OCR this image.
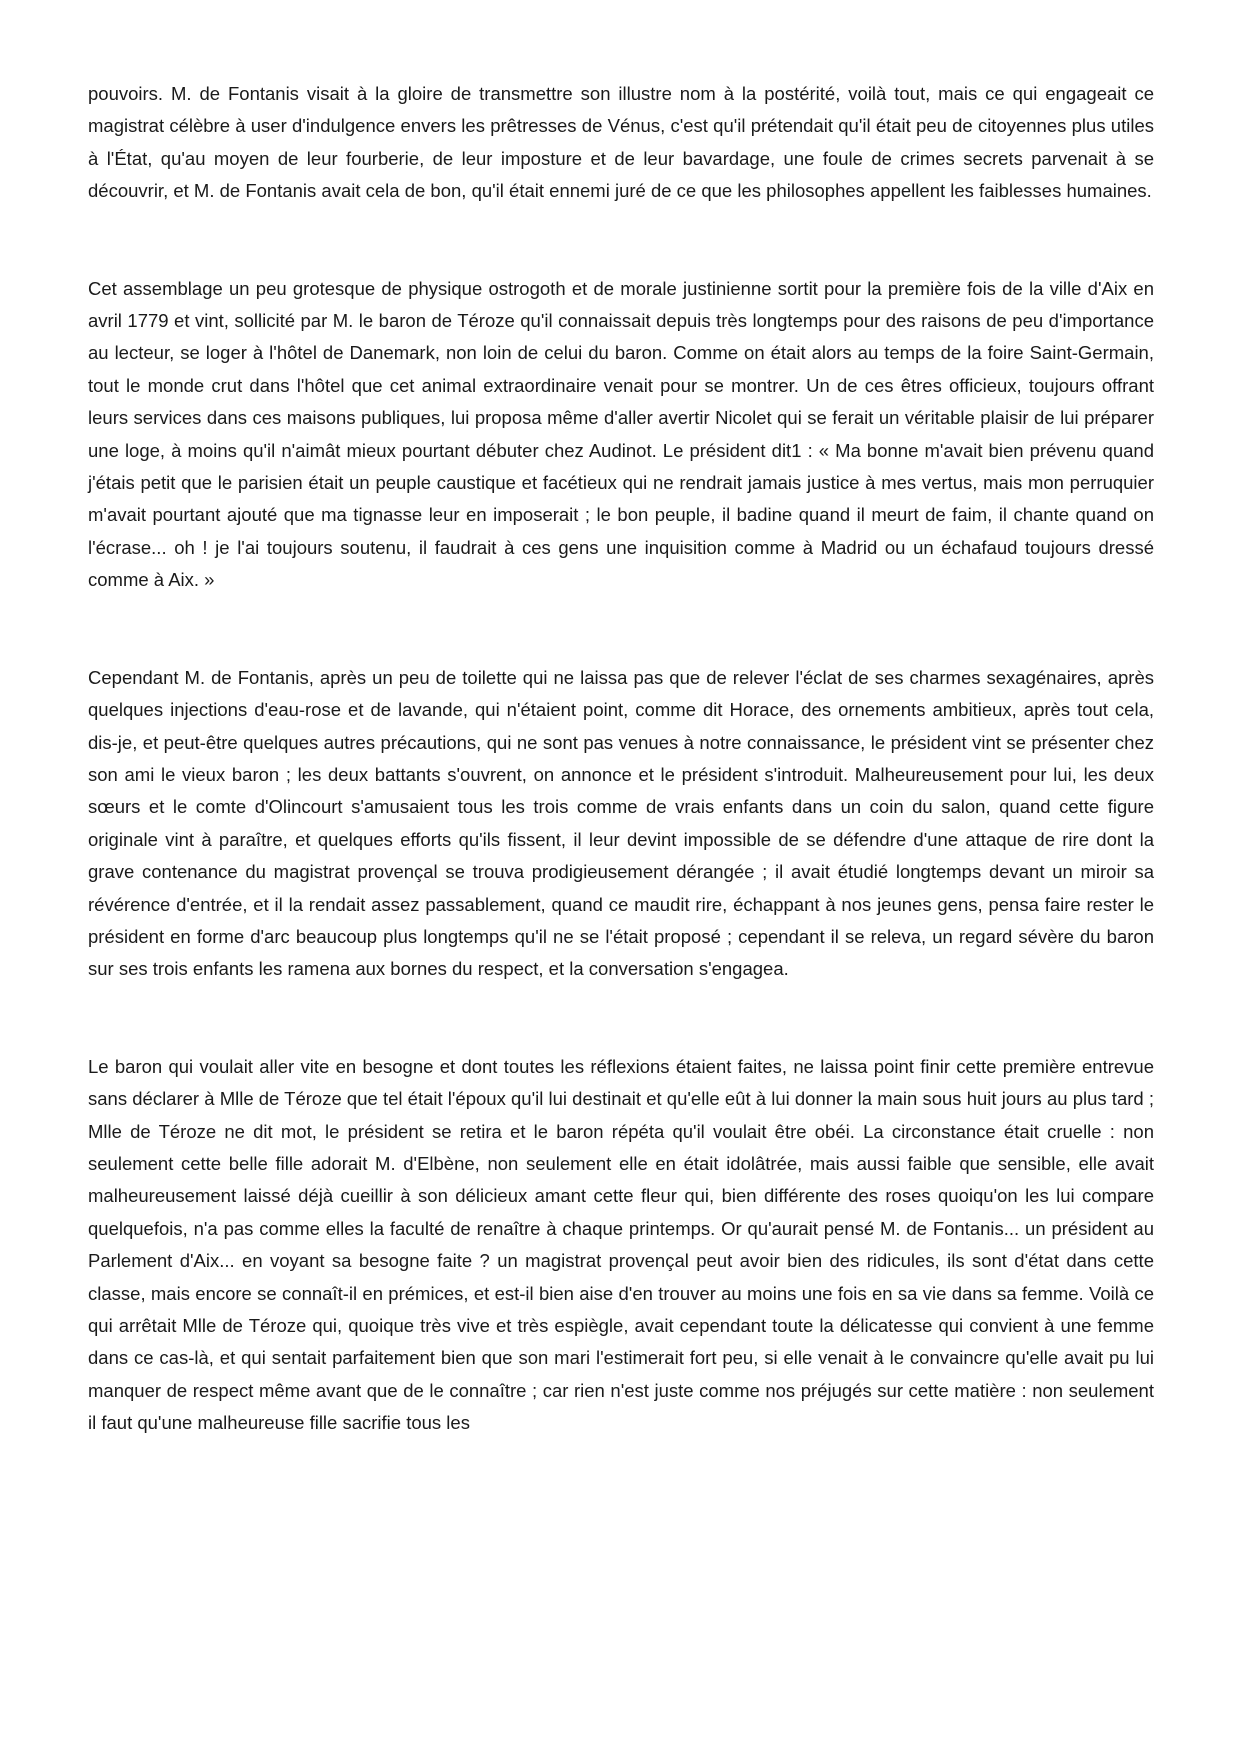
pouvoirs. M. de Fontanis visait à la gloire de transmettre son illustre nom à la postérité, voilà tout, mais ce qui engageait ce magistrat célèbre à user d'indulgence envers les prêtresses de Vénus, c'est qu'il prétendait qu'il était peu de citoyennes plus utiles à l'État, qu'au moyen de leur fourberie, de leur imposture et de leur bavardage, une foule de crimes secrets parvenait à se découvrir, et M. de Fontanis avait cela de bon, qu'il était ennemi juré de ce que les philosophes appellent les faiblesses humaines.

Cet assemblage un peu grotesque de physique ostrogoth et de morale justinienne sortit pour la première fois de la ville d'Aix en avril 1779 et vint, sollicité par M. le baron de Téroze qu'il connaissait depuis très longtemps pour des raisons de peu d'importance au lecteur, se loger à l'hôtel de Danemark, non loin de celui du baron. Comme on était alors au temps de la foire Saint-Germain, tout le monde crut dans l'hôtel que cet animal extraordinaire venait pour se montrer. Un de ces êtres officieux, toujours offrant leurs services dans ces maisons publiques, lui proposa même d'aller avertir Nicolet qui se ferait un véritable plaisir de lui préparer une loge, à moins qu'il n'aimât mieux pourtant débuter chez Audinot. Le président dit1 : « Ma bonne m'avait bien prévenu quand j'étais petit que le parisien était un peuple caustique et facétieux qui ne rendrait jamais justice à mes vertus, mais mon perruquier m'avait pourtant ajouté que ma tignasse leur en imposerait ; le bon peuple, il badine quand il meurt de faim, il chante quand on l'écrase... oh ! je l'ai toujours soutenu, il faudrait à ces gens une inquisition comme à Madrid ou un échafaud toujours dressé comme à Aix. »

Cependant M. de Fontanis, après un peu de toilette qui ne laissa pas que de relever l'éclat de ses charmes sexagénaires, après quelques injections d'eau-rose et de lavande, qui n'étaient point, comme dit Horace, des ornements ambitieux, après tout cela, dis-je, et peut-être quelques autres précautions, qui ne sont pas venues à notre connaissance, le président vint se présenter chez son ami le vieux baron ; les deux battants s'ouvrent, on annonce et le président s'introduit. Malheureusement pour lui, les deux sœurs et le comte d'Olincourt s'amusaient tous les trois comme de vrais enfants dans un coin du salon, quand cette figure originale vint à paraître, et quelques efforts qu'ils fissent, il leur devint impossible de se défendre d'une attaque de rire dont la grave contenance du magistrat provençal se trouva prodigieusement dérangée ; il avait étudié longtemps devant un miroir sa révérence d'entrée, et il la rendait assez passablement, quand ce maudit rire, échappant à nos jeunes gens, pensa faire rester le président en forme d'arc beaucoup plus longtemps qu'il ne se l'était proposé ; cependant il se releva, un regard sévère du baron sur ses trois enfants les ramena aux bornes du respect, et la conversation s'engagea.

Le baron qui voulait aller vite en besogne et dont toutes les réflexions étaient faites, ne laissa point finir cette première entrevue sans déclarer à Mlle de Téroze que tel était l'époux qu'il lui destinait et qu'elle eût à lui donner la main sous huit jours au plus tard ; Mlle de Téroze ne dit mot, le président se retira et le baron répéta qu'il voulait être obéi. La circonstance était cruelle : non seulement cette belle fille adorait M. d'Elbène, non seulement elle en était idolâtrée, mais aussi faible que sensible, elle avait malheureusement laissé déjà cueillir à son délicieux amant cette fleur qui, bien différente des roses quoiqu'on les lui compare quelquefois, n'a pas comme elles la faculté de renaître à chaque printemps. Or qu'aurait pensé M. de Fontanis... un président au Parlement d'Aix... en voyant sa besogne faite ? un magistrat provençal peut avoir bien des ridicules, ils sont d'état dans cette classe, mais encore se connaît-il en prémices, et est-il bien aise d'en trouver au moins une fois en sa vie dans sa femme. Voilà ce qui arrêtait Mlle de Téroze qui, quoique très vive et très espiègle, avait cependant toute la délicatesse qui convient à une femme dans ce cas-là, et qui sentait parfaitement bien que son mari l'estimerait fort peu, si elle venait à le convaincre qu'elle avait pu lui manquer de respect même avant que de le connaître ; car rien n'est juste comme nos préjugés sur cette matière : non seulement il faut qu'une malheureuse fille sacrifie tous les
